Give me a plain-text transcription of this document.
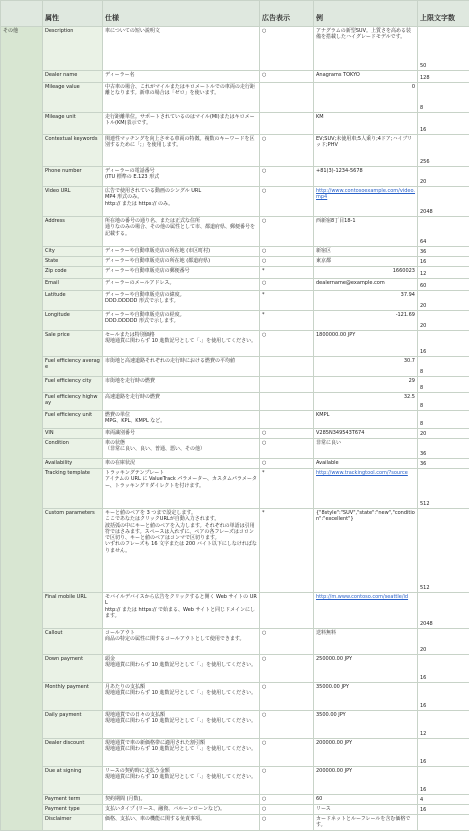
	属性	仕様	広告表示	例	上限文字数
その他	Description	車についての短い説明文	○	アナグラムの新型SUV。上質さを高める装備を搭載したハイグレードモデルです。	50

	Dealer name	ディーラー名	○	Anagrams TOKYO	128

	Mileage value	中古車の場合、これがマイルまたはキロメートルでの車両の走行距離となります。新車の場合は「ゼロ」を使います。		0	8

	Mileage unit	走行距離単位。サポートされているのはマイル(MI)またはキロメートル(KM)表示です。		KM	16

	Contextual keywords	関連性マッチングを向上させる車両の特徴。複数のキーワードを区別するために「;」を使用します。	○	EV;SUV;未使用車;5人乗り;4ドア;ハイブリッド;PHV	256

	Phone number	ディーラーの電話番号
(ITU 標準の E.123 形式	○	+81(3)-1234-5678	20

	Video URL	広告で使用されている動画のシングル URL
MP4 形式のみ。
http:// または https:// のみ。	○	http://www.contosoexample.com/video.mp4	2048

	Address	所在地の番号の通り名、または正式な住所
通りなのみの場合、その他の属性として市、都道府県、郵便番号を記載する。	○	西新宿8丁目18-1	64

	City	ディーラーや自動車販売店の所在地 (市区町村)	○	新宿区	36

	State	ディーラーや自動車販売店の所在地 (都道府県)	○	東京都	16

	Zip code	ディーラーや自動車販売店の郵便番号	*	1660023	12

	Email	ディーラーのメールアドレス。	○	dealername@example.com	60

	Latitude	ディーラーや自動車販売店の緯度。
DDD.DDDDD 形式で示します。	*	37.94	20

	Longitude	ディーラーや自動車販売店の経度。
DDD.DDDDD 形式で示します。	*	-121.69	20

	Sale price	セールまたは特別価格
現地通貨に関わらず 10 進数記号として「.」を使用してください。	○	1800000.00 JPY	16

	Fuel efficiency average	市街地と高速道路それぞれの走行時における燃費の平均値		30.7	8

	Fuel efficiency city	市街地を走行時の燃費		29	8

	Fuel efficiency highway	高速道路を走行時の燃費		32.5	8

	Fuel efficiency unit	燃費の単位
MPG、KPL、KMPL など。		KMPL	8

	VIN	車両識別番号	○	V285N349543T674	20

	Condition	車の状態
（非常に良い、良い、普通、悪い、その他）	○	非常に良い	36

	Availability	車の在庫状況	○	Available	36

	Tracking template	トラッキングテンプレート
アイテムの URL に ValueTrack パラメーター、カスタムパラメーター、トラッキングリダイレクトを付けます。	*	http://www.trackingtool.com/?source	512

	Custom parameters	キーと値のペアを 3 つまで設定します。
ここであなたはクリックURLが自動入力されます。
波括弧の中にキーと値のペアを入力します。それぞれの単語は引用符ではさみます。スペースは入れずに、ペアの各フレーズはコロンで区切り、キーと値のペアはコンマで区切ります。
いずれのフレーズも 16 文字または 200 バイト以下にしなければなりません。	*	{"8style":"SUV","state":"new","condition":"excellent"}	512

	Final mobile URL	モバイルデバイスから広告をクリックすると開く Web サイトの URL
http:// または https:// で始まる、Web サイトと同じドメインにします。		http://m.www.contoso.com/seattle/id	2048

	Callout	コールアウト
商品の特定の属性に関するコールアウトとして使用できます。	○	送料無料	20

	Down payment	頭金
現地通貨に関わらず 10 進数記号として「.」を使用してください。	○	250000.00 JPY	16

	Monthly payment	月あたりの支払額
現地通貨に関わらず 10 進数記号として「.」を使用してください。	○	35000.00 JPY	16

	Daily payment	現地通貨での日々の支払額
現地通貨に関わらず 10 進数記号として「.」を使用してください。	○	3500.00 JPY	12

	Dealer discount	現地通貨で車の新価格帯に適用された割引額
現地通貨に関わらず 10 進数記号として「.」を使用してください。	○	200000.00 JPY	16

	Due at signing	リースの契約時に支払う金額
現地通貨に関わらず 10 進数記号として「.」を使用してください。	○	200000.00 JPY	16

	Payment term	契約期間 (月数)。	○	60	4

	Payment type	支払いタイプ (リース、融資、バルーンローンなど)。	○	リース	16

	Disclaimer	価格、支払い、車の機能に関する免責事項。	○	カードネットとルーフレールを含む価格です。	
